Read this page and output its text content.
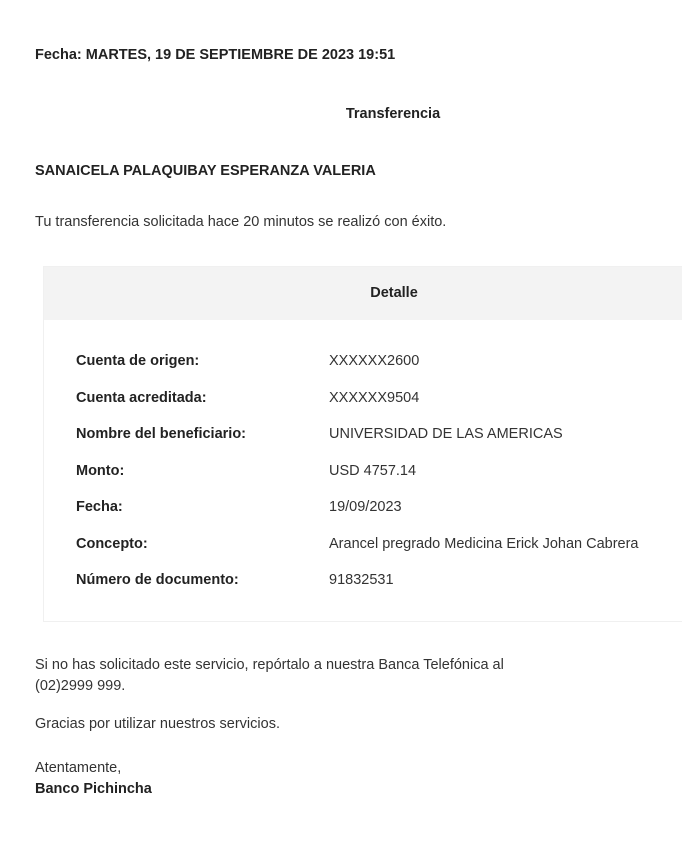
Fecha: MARTES, 19 DE SEPTIEMBRE DE 2023 19:51
Transferencia
SANAICELA PALAQUIBAY ESPERANZA VALERIA
Tu transferencia solicitada hace 20 minutos se realizó con éxito.
Detalle
Cuenta de origen:	XXXXXX2600
Cuenta acreditada:	XXXXXX9504
Nombre del beneficiario:	UNIVERSIDAD DE LAS AMERICAS
Monto:	USD 4757.14
Fecha:	19/09/2023
Concepto:	Arancel pregrado Medicina Erick Johan Cabrera
Número de documento:	91832531
Si no has solicitado este servicio, repórtalo a nuestra Banca Telefónica al (02)2999 999.
Gracias por utilizar nuestros servicios.
Atentamente,
Banco Pichincha
